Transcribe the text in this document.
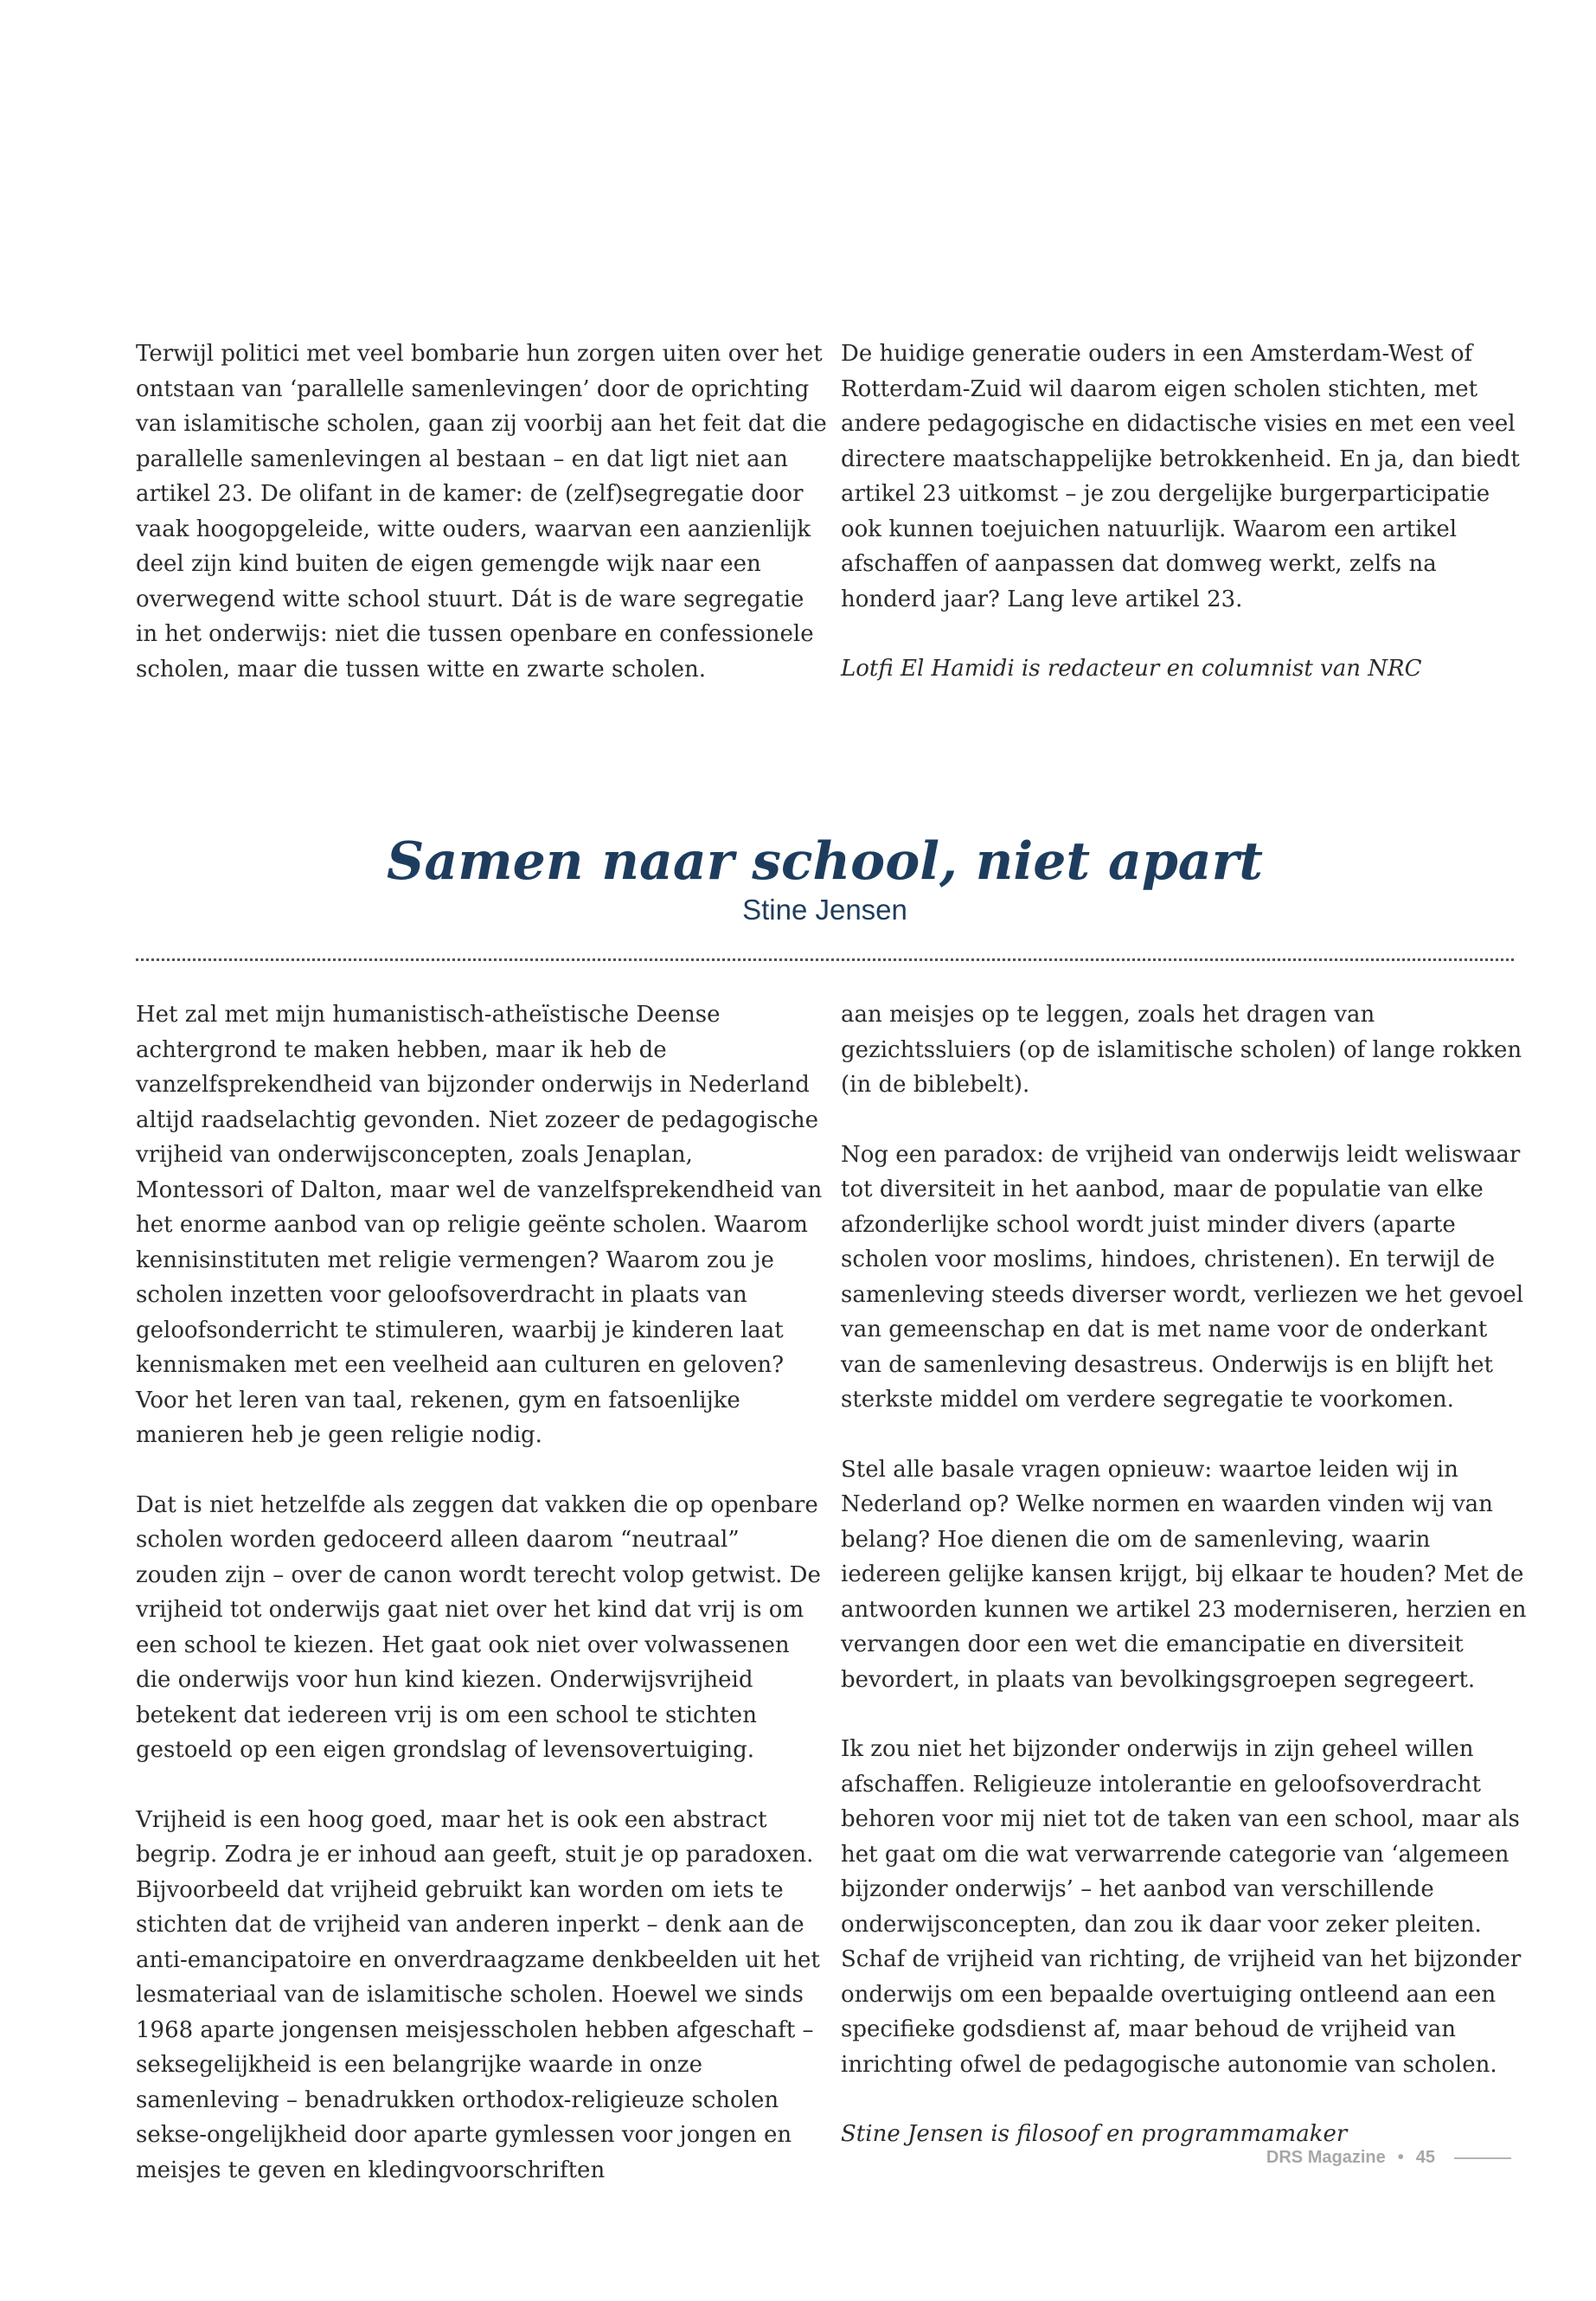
Terwijl politici met veel bombarie hun zorgen uiten over het ontstaan van ‘parallelle samenlevingen’ door de oprichting van islamitische scholen, gaan zij voorbij aan het feit dat die parallelle samenlevingen al bestaan – en dat ligt niet aan artikel 23. De olifant in de kamer: de (zelf)segregatie door vaak hoogopgeleide, witte ouders, waarvan een aanzienlijk deel zijn kind buiten de eigen gemengde wijk naar een overwegend witte school stuurt. Dát is de ware segregatie in het onderwijs: niet die tussen openbare en confessionele scholen, maar die tussen witte en zwarte scholen.

De huidige generatie ouders in een Amsterdam-West of Rotterdam-Zuid wil daarom eigen scholen stichten, met andere pedagogische en didactische visies en met een veel directere maatschappelijke betrokkenheid. En ja, dan biedt artikel 23 uitkomst – je zou dergelijke burgerparticipatie ook kunnen toejuichen natuurlijk. Waarom een artikel afschaffen of aanpassen dat domweg werkt, zelfs na honderd jaar? Lang leve artikel 23.

Lotfi El Hamidi is redacteur en columnist van NRC

Samen naar school, niet apart
Stine Jensen

Het zal met mijn humanistisch-atheïstische Deense achtergrond te maken hebben, maar ik heb de vanzelfsprekendheid van bijzonder onderwijs in Nederland altijd raadselachtig gevonden. Niet zozeer de pedagogische vrijheid van onderwijsconcepten, zoals Jenaplan, Montessori of Dalton, maar wel de vanzelfsprekendheid van het enorme aanbod van op religie geënte scholen. Waarom kennisinstituten met religie vermengen? Waarom zou je scholen inzetten voor geloofsoverdracht in plaats van geloofsonderricht te stimuleren, waarbij je kinderen laat kennismaken met een veelheid aan culturen en geloven? Voor het leren van taal, rekenen, gym en fatsoenlijke manieren heb je geen religie nodig.

Dat is niet hetzelfde als zeggen dat vakken die op openbare scholen worden gedoceerd alleen daarom “neutraal” zouden zijn – over de canon wordt terecht volop getwist. De vrijheid tot onderwijs gaat niet over het kind dat vrij is om een school te kiezen. Het gaat ook niet over volwassenen die onderwijs voor hun kind kiezen. Onderwijsvrijheid betekent dat iedereen vrij is om een school te stichten gestoeld op een eigen grondslag of levensovertuiging.

Vrijheid is een hoog goed, maar het is ook een abstract begrip. Zodra je er inhoud aan geeft, stuit je op paradoxen. Bijvoorbeeld dat vrijheid gebruikt kan worden om iets te stichten dat de vrijheid van anderen inperkt – denk aan de anti-emancipatoire en onverdraagzame denkbeelden uit het lesmateriaal van de islamitische scholen. Hoewel we sinds 1968 aparte jongensen meisjesscholen hebben afgeschaft – seksegelijkheid is een belangrijke waarde in onze samenleving – benadrukken orthodox-religieuze scholen sekse-ongelijkheid door aparte gymlessen voor jongen en meisjes te geven en kledingvoorschriften

aan meisjes op te leggen, zoals het dragen van gezichtssluiers (op de islamitische scholen) of lange rokken (in de biblebelt).

Nog een paradox: de vrijheid van onderwijs leidt weliswaar tot diversiteit in het aanbod, maar de populatie van elke afzonderlijke school wordt juist minder divers (aparte scholen voor moslims, hindoes, christenen). En terwijl de samenleving steeds diverser wordt, verliezen we het gevoel van gemeenschap en dat is met name voor de onderkant van de samenleving desastreus. Onderwijs is en blijft het sterkste middel om verdere segregatie te voorkomen.

Stel alle basale vragen opnieuw: waartoe leiden wij in Nederland op? Welke normen en waarden vinden wij van belang? Hoe dienen die om de samenleving, waarin iedereen gelijke kansen krijgt, bij elkaar te houden? Met de antwoorden kunnen we artikel 23 moderniseren, herzien en vervangen door een wet die emancipatie en diversiteit bevordert, in plaats van bevolkingsgroepen segregeert.

Ik zou niet het bijzonder onderwijs in zijn geheel willen afschaffen. Religieuze intolerantie en geloofsoverdracht behoren voor mij niet tot de taken van een school, maar als het gaat om die wat verwarrende categorie van ‘algemeen bijzonder onderwijs’ – het aanbod van verschillende onderwijsconcepten, dan zou ik daar voor zeker pleiten. Schaf de vrijheid van richting, de vrijheid van het bijzonder onderwijs om een bepaalde overtuiging ontleend aan een specifieke godsdienst af, maar behoud de vrijheid van inrichting ofwel de pedagogische autonomie van scholen.

Stine Jensen is filosoof en programmamaker

DRS Magazine • 45
